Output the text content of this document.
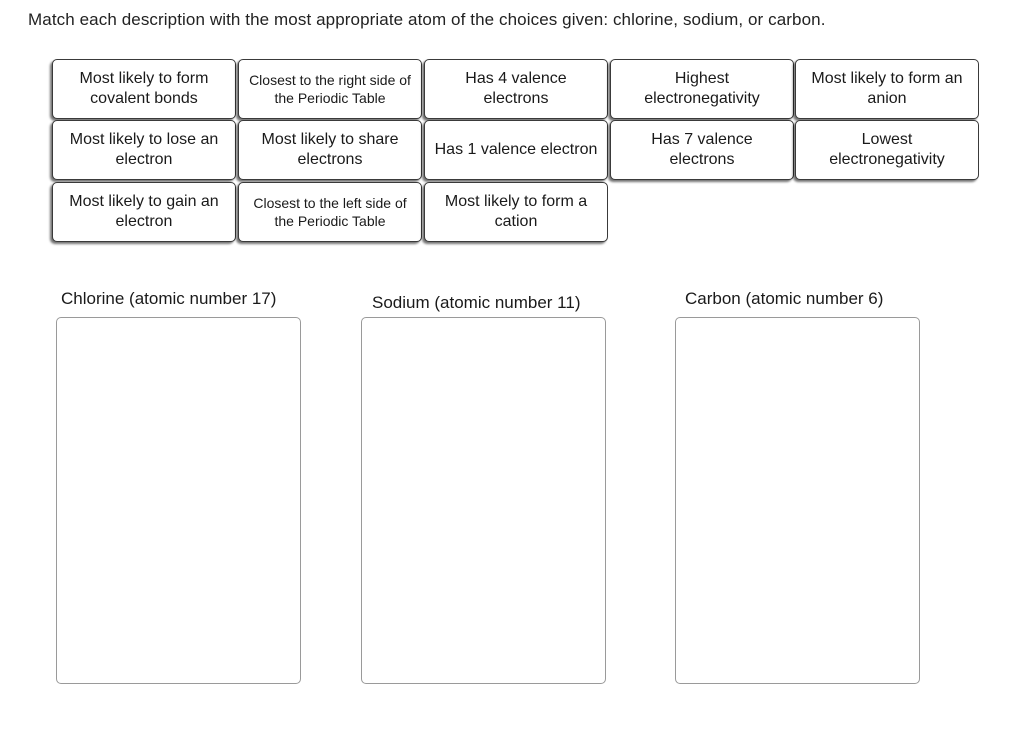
Match each description with the most appropriate atom of the choices given: chlorine, sodium, or carbon.
Most likely to form covalent bonds
Closest to the right side of the Periodic Table
Has 4 valence electrons
Highest electronegativity
Most likely to form an anion
Most likely to lose an electron
Most likely to share electrons
Has 1 valence electron
Has 7 valence electrons
Lowest electronegativity
Most likely to gain an electron
Closest to the left side of the Periodic Table
Most likely to form a cation
Chlorine (atomic number 17)	Sodium (atomic number 11)	Carbon (atomic number 6)
